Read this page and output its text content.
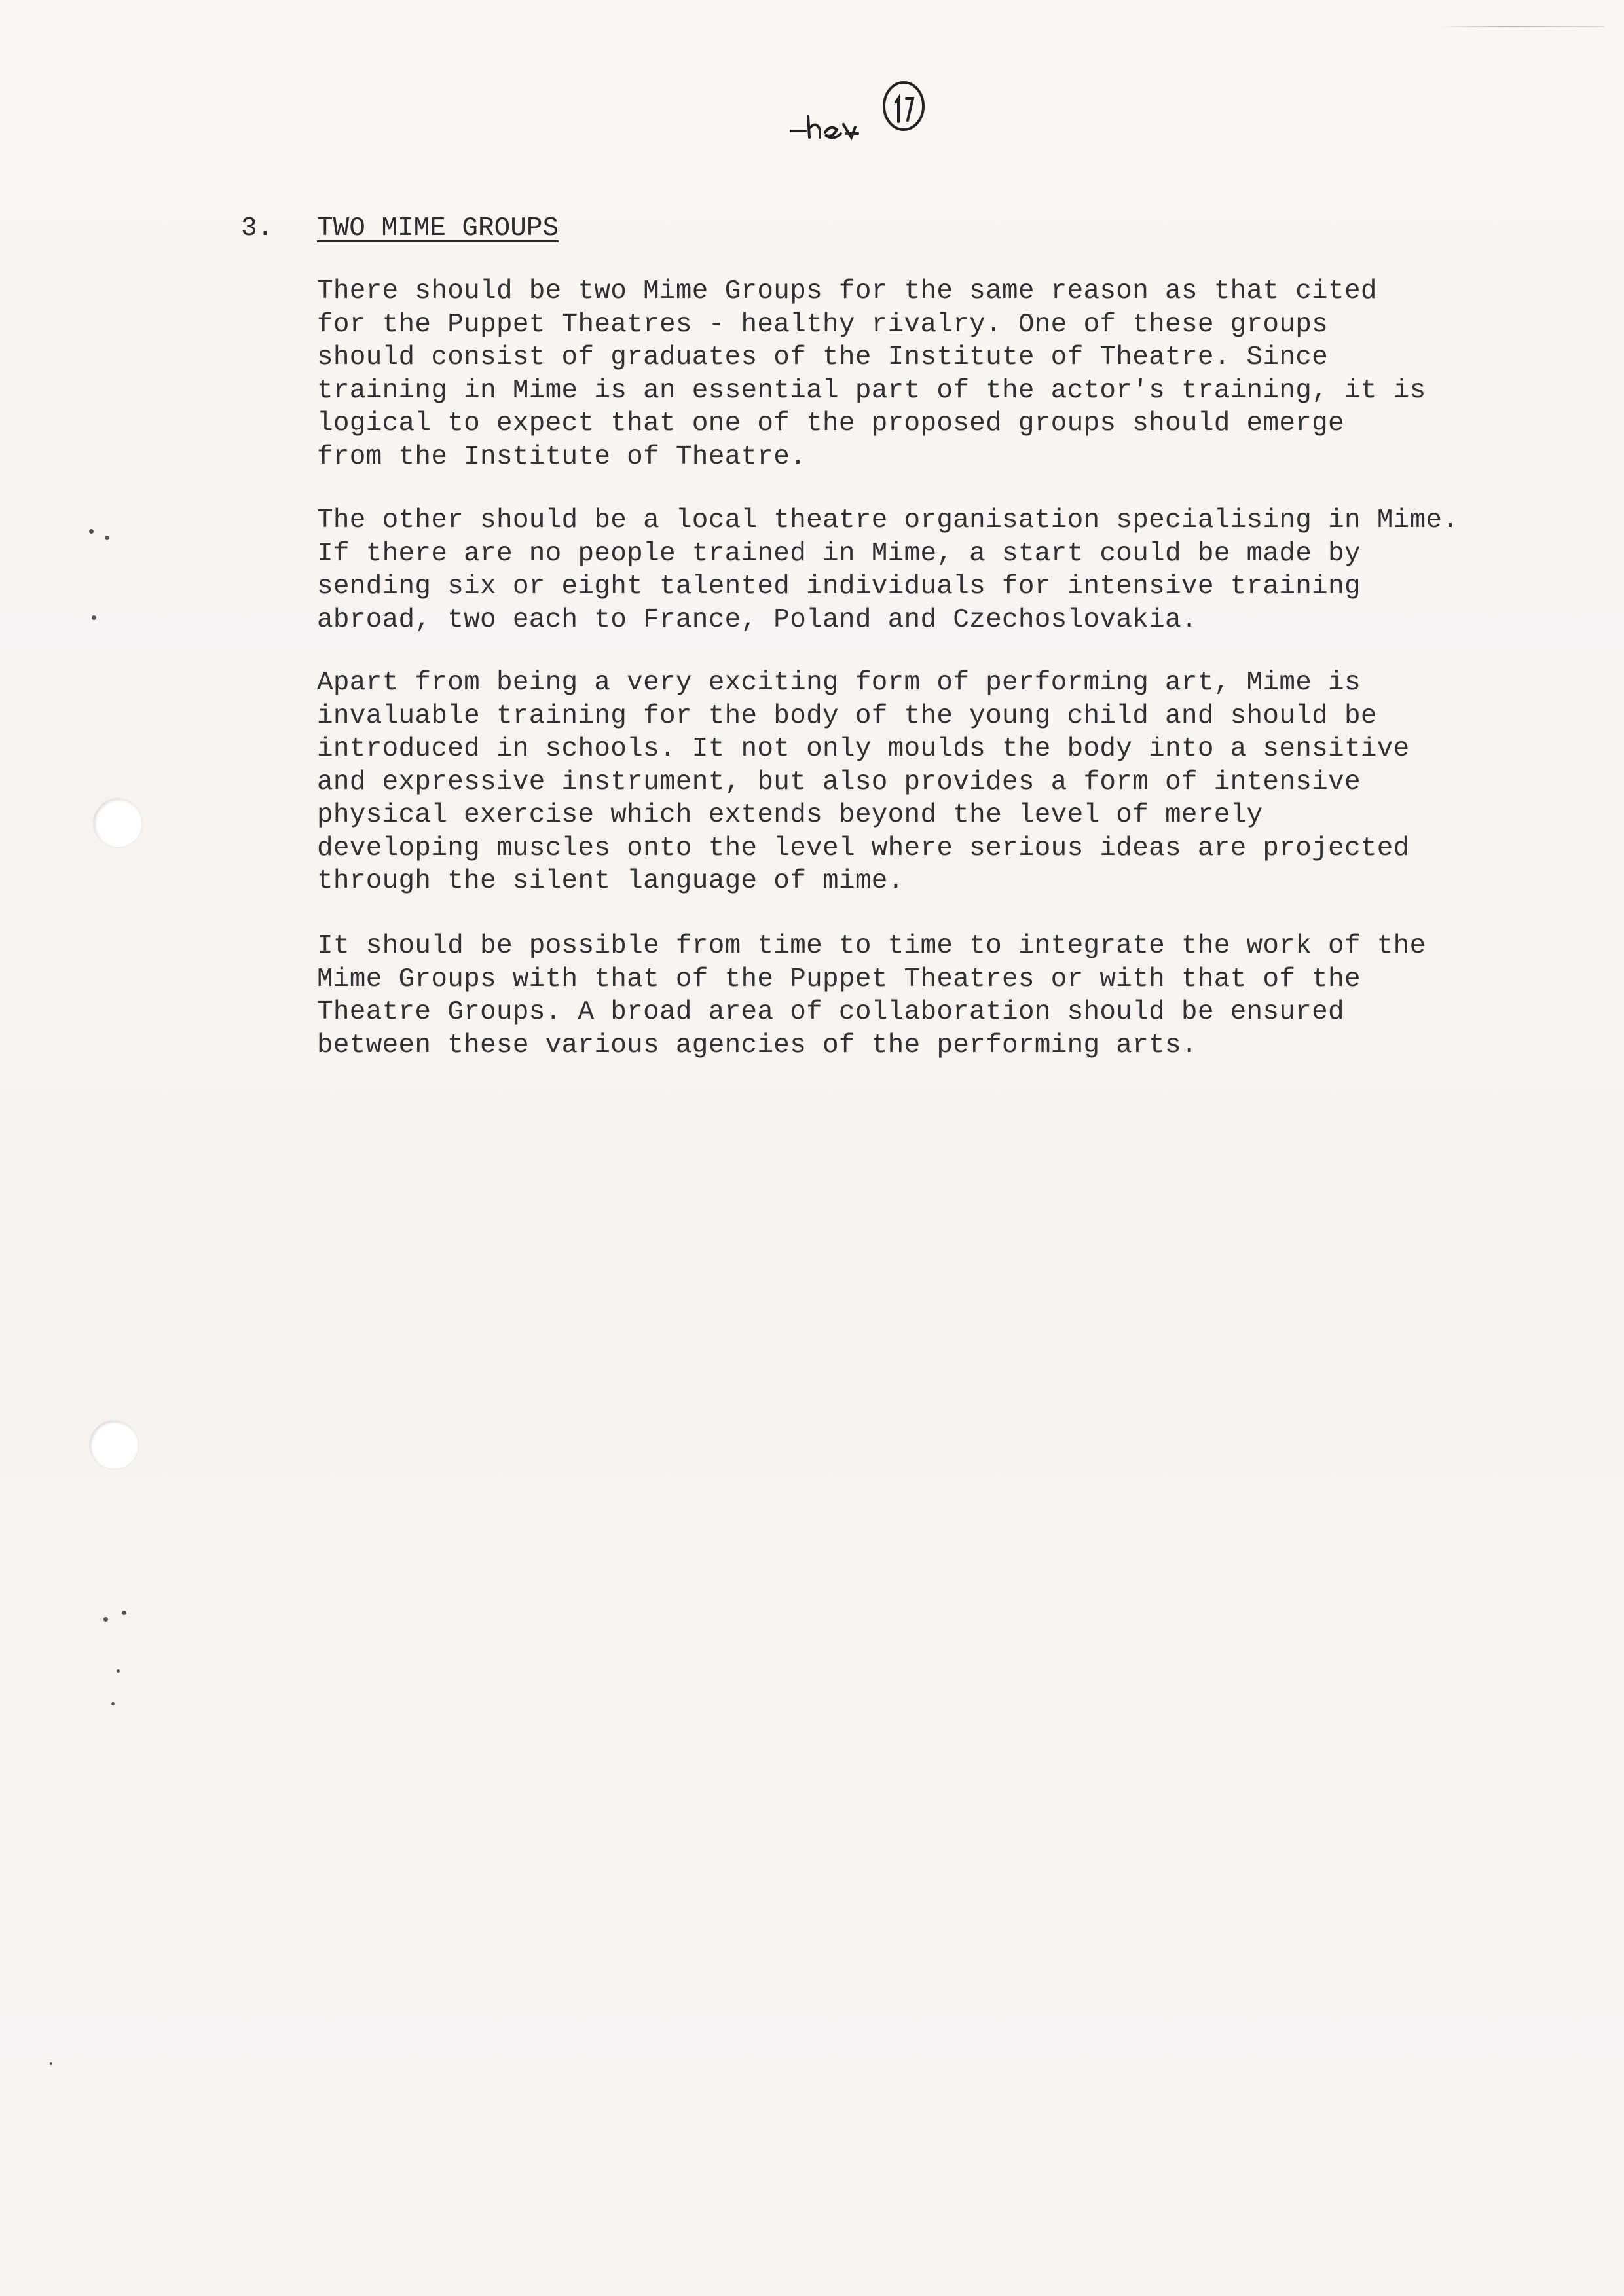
3. TWO MIME GROUPS
There should be two Mime Groups for the same reason as that cited
for the Puppet Theatres - healthy rivalry. One of these groups
should consist of graduates of the Institute of Theatre. Since
training in Mime is an essential part of the actor's training, it is
logical to expect that one of the proposed groups should emerge
from the Institute of Theatre.
The other should be a local theatre organisation specialising in Mime.
If there are no people trained in Mime, a start could be made by
sending six or eight talented individuals for intensive training
abroad, two each to France, Poland and Czechoslovakia.
Apart from being a very exciting form of performing art, Mime is
invaluable training for the body of the young child and should be
introduced in schools. It not only moulds the body into a sensitive
and expressive instrument, but also provides a form of intensive
physical exercise which extends beyond the level of merely
developing muscles onto the level where serious ideas are projected
through the silent language of mime.
It should be possible from time to time to integrate the work of the
Mime Groups with that of the Puppet Theatres or with that of the
Theatre Groups. A broad area of collaboration should be ensured
between these various agencies of the performing arts.
